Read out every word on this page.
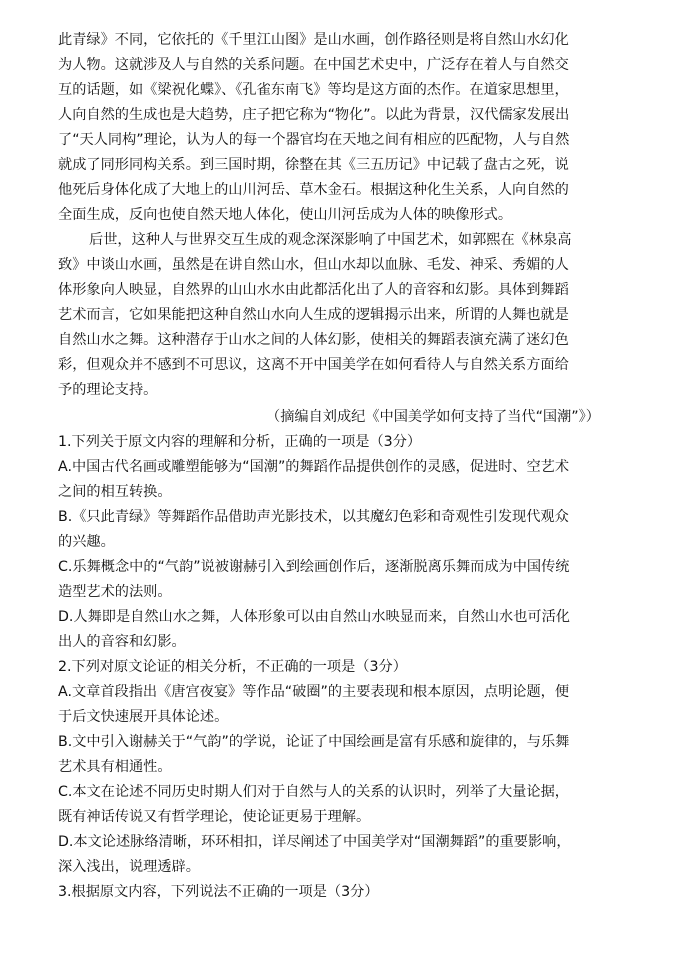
此青绿》不同，它依托的《千里江山图》是山水画，创作路径则是将自然山水幻化
为人物。这就涉及人与自然的关系问题。在中国艺术史中，广泛存在着人与自然交
互的话题，如《梁祝化蝶》、《孔雀东南飞》等均是这方面的杰作。在道家思想里，
人向自然的生成也是大趋势，庄子把它称为“物化”。以此为背景，汉代儒家发展出
了“天人同构”理论，认为人的每一个器官均在天地之间有相应的匹配物，人与自然
就成了同形同构关系。到三国时期，徐整在其《三五历记》中记载了盘古之死，说
他死后身体化成了大地上的山川河岳、草木金石。根据这种化生关系，人向自然的
全面生成，反向也使自然天地人体化，使山川河岳成为人体的映像形式。
后世，这种人与世界交互生成的观念深深影响了中国艺术，如郭熙在《林泉高
致》中谈山水画，虽然是在讲自然山水，但山水却以血脉、毛发、神采、秀媚的人
体形象向人映显，自然界的山山水水由此都活化出了人的音容和幻影。具体到舞蹈
艺术而言，它如果能把这种自然山水向人生成的逻辑揭示出来，所谓的人舞也就是
自然山水之舞。这种潜存于山水之间的人体幻影，使相关的舞蹈表演充满了迷幻色
彩，但观众并不感到不可思议，这离不开中国美学在如何看待人与自然关系方面给
予的理论支持。
（摘编自刘成纪《中国美学如何支持了当代“国潮”》）
1.下列关于原文内容的理解和分析，正确的一项是（3分）
A.中国古代名画或雕塑能够为“国潮”的舞蹈作品提供创作的灵感，促进时、空艺术
之间的相互转换。
B.《只此青绿》等舞蹈作品借助声光影技术，以其魔幻色彩和奇观性引发现代观众
的兴趣。
C.乐舞概念中的“气韵”说被谢赫引入到绘画创作后，逐渐脱离乐舞而成为中国传统
造型艺术的法则。
D.人舞即是自然山水之舞，人体形象可以由自然山水映显而来，自然山水也可活化
出人的音容和幻影。
2.下列对原文论证的相关分析，不正确的一项是（3分）
A.文章首段指出《唐宫夜宴》等作品“破圈”的主要表现和根本原因，点明论题，便
于后文快速展开具体论述。
B.文中引入谢赫关于“气韵”的学说，论证了中国绘画是富有乐感和旋律的，与乐舞
艺术具有相通性。
C.本文在论述不同历史时期人们对于自然与人的关系的认识时，列举了大量论据，
既有神话传说又有哲学理论，使论证更易于理解。
D.本文论述脉络清晰，环环相扣，详尽阐述了中国美学对“国潮舞蹈”的重要影响，
深入浅出，说理透辟。
3.根据原文内容，下列说法不正确的一项是（3分）
